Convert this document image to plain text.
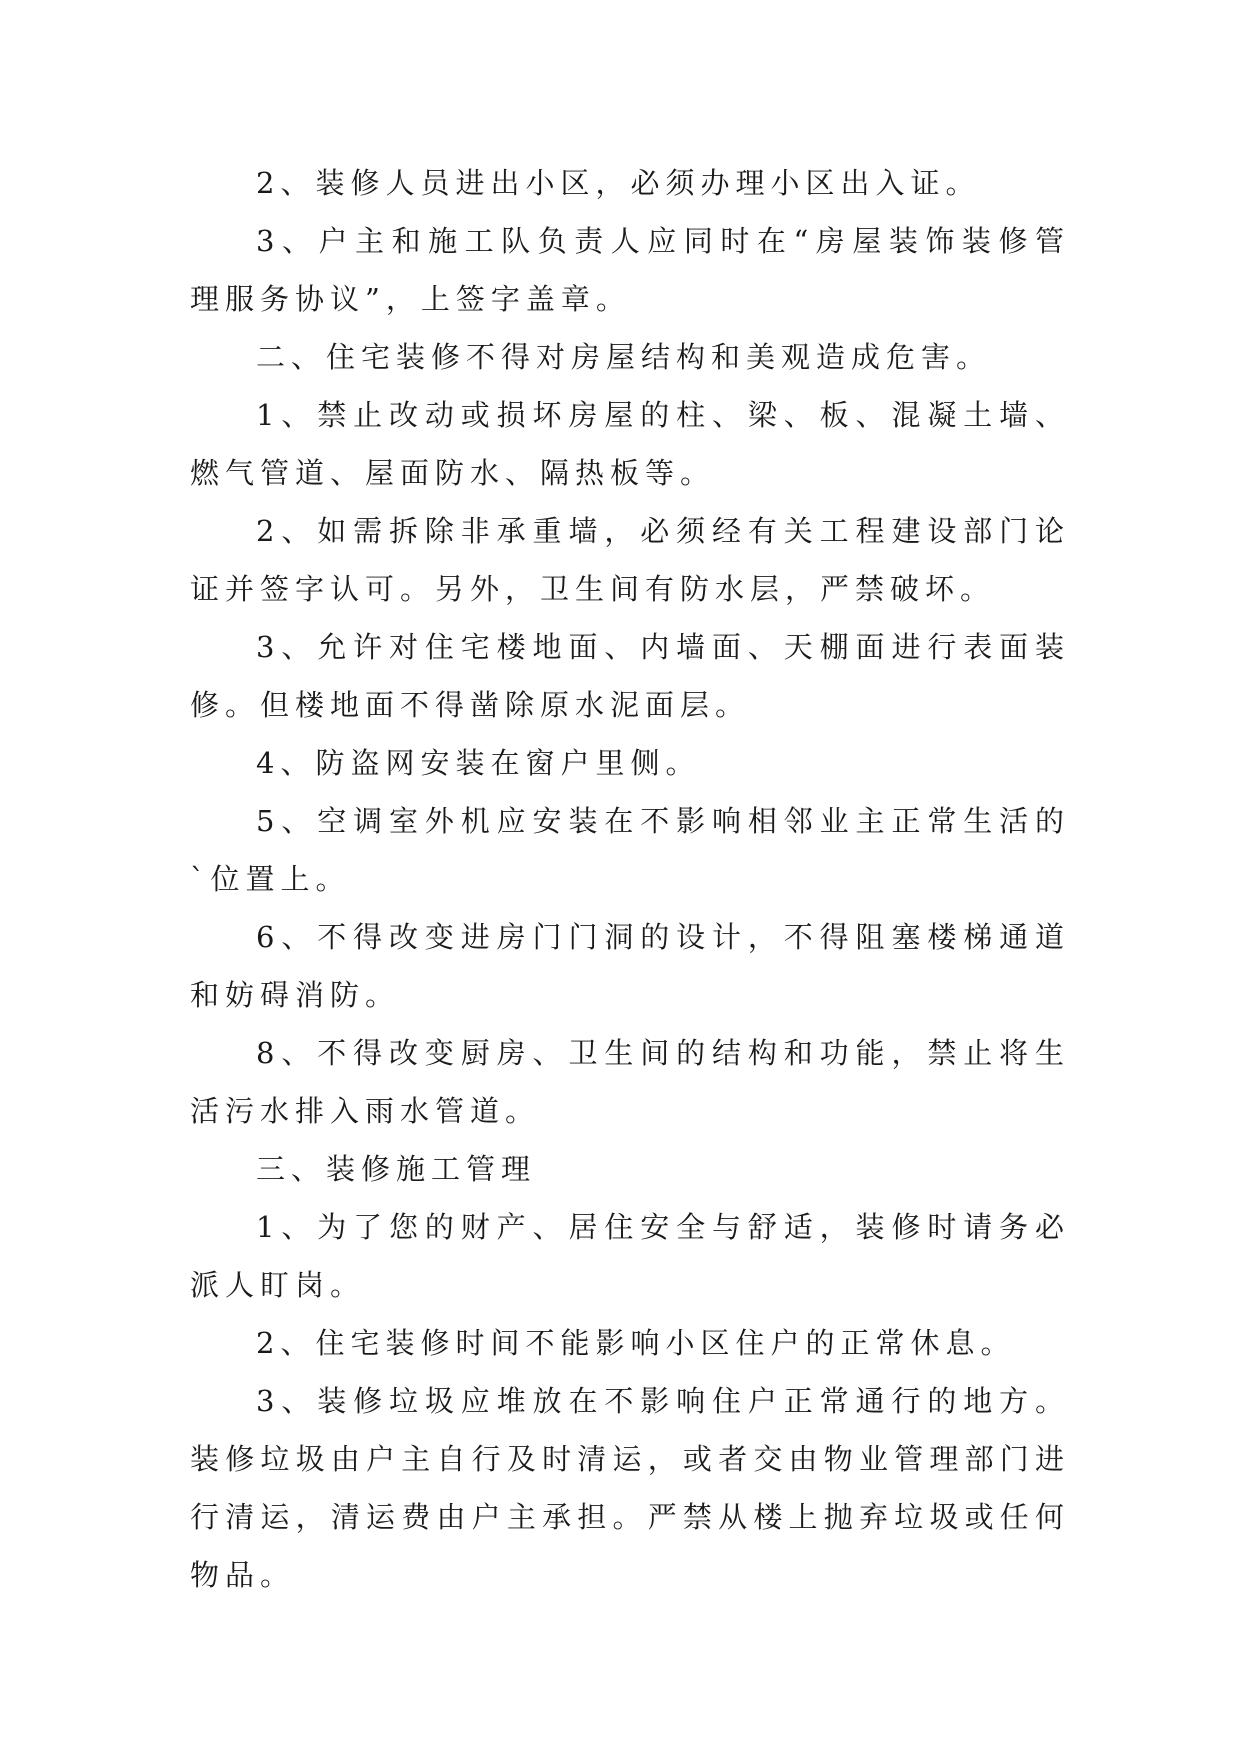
2、装修人员进出小区，必须办理小区出入证。

3、户主和施工队负责人应同时在“房屋装饰装修管理服务协议”，上签字盖章。

二、住宅装修不得对房屋结构和美观造成危害。

1、禁止改动或损坏房屋的柱、梁、板、混凝土墙、燃气管道、屋面防水、隔热板等。

2、如需拆除非承重墙，必须经有关工程建设部门论证并签字认可。另外，卫生间有防水层，严禁破坏。

3、允许对住宅楼地面、内墙面、天棚面进行表面装修。但楼地面不得凿除原水泥面层。

4、防盗网安装在窗户里侧。

5、空调室外机应安装在不影响相邻业主正常生活的`位置上。

6、不得改变进房门门洞的设计，不得阻塞楼梯通道和妨碍消防。

8、不得改变厨房、卫生间的结构和功能，禁止将生活污水排入雨水管道。

三、装修施工管理

1、为了您的财产、居住安全与舒适，装修时请务必派人盯岗。

2、住宅装修时间不能影响小区住户的正常休息。

3、装修垃圾应堆放在不影响住户正常通行的地方。装修垃圾由户主自行及时清运，或者交由物业管理部门进行清运，清运费由户主承担。严禁从楼上抛弃垃圾或任何物品。
